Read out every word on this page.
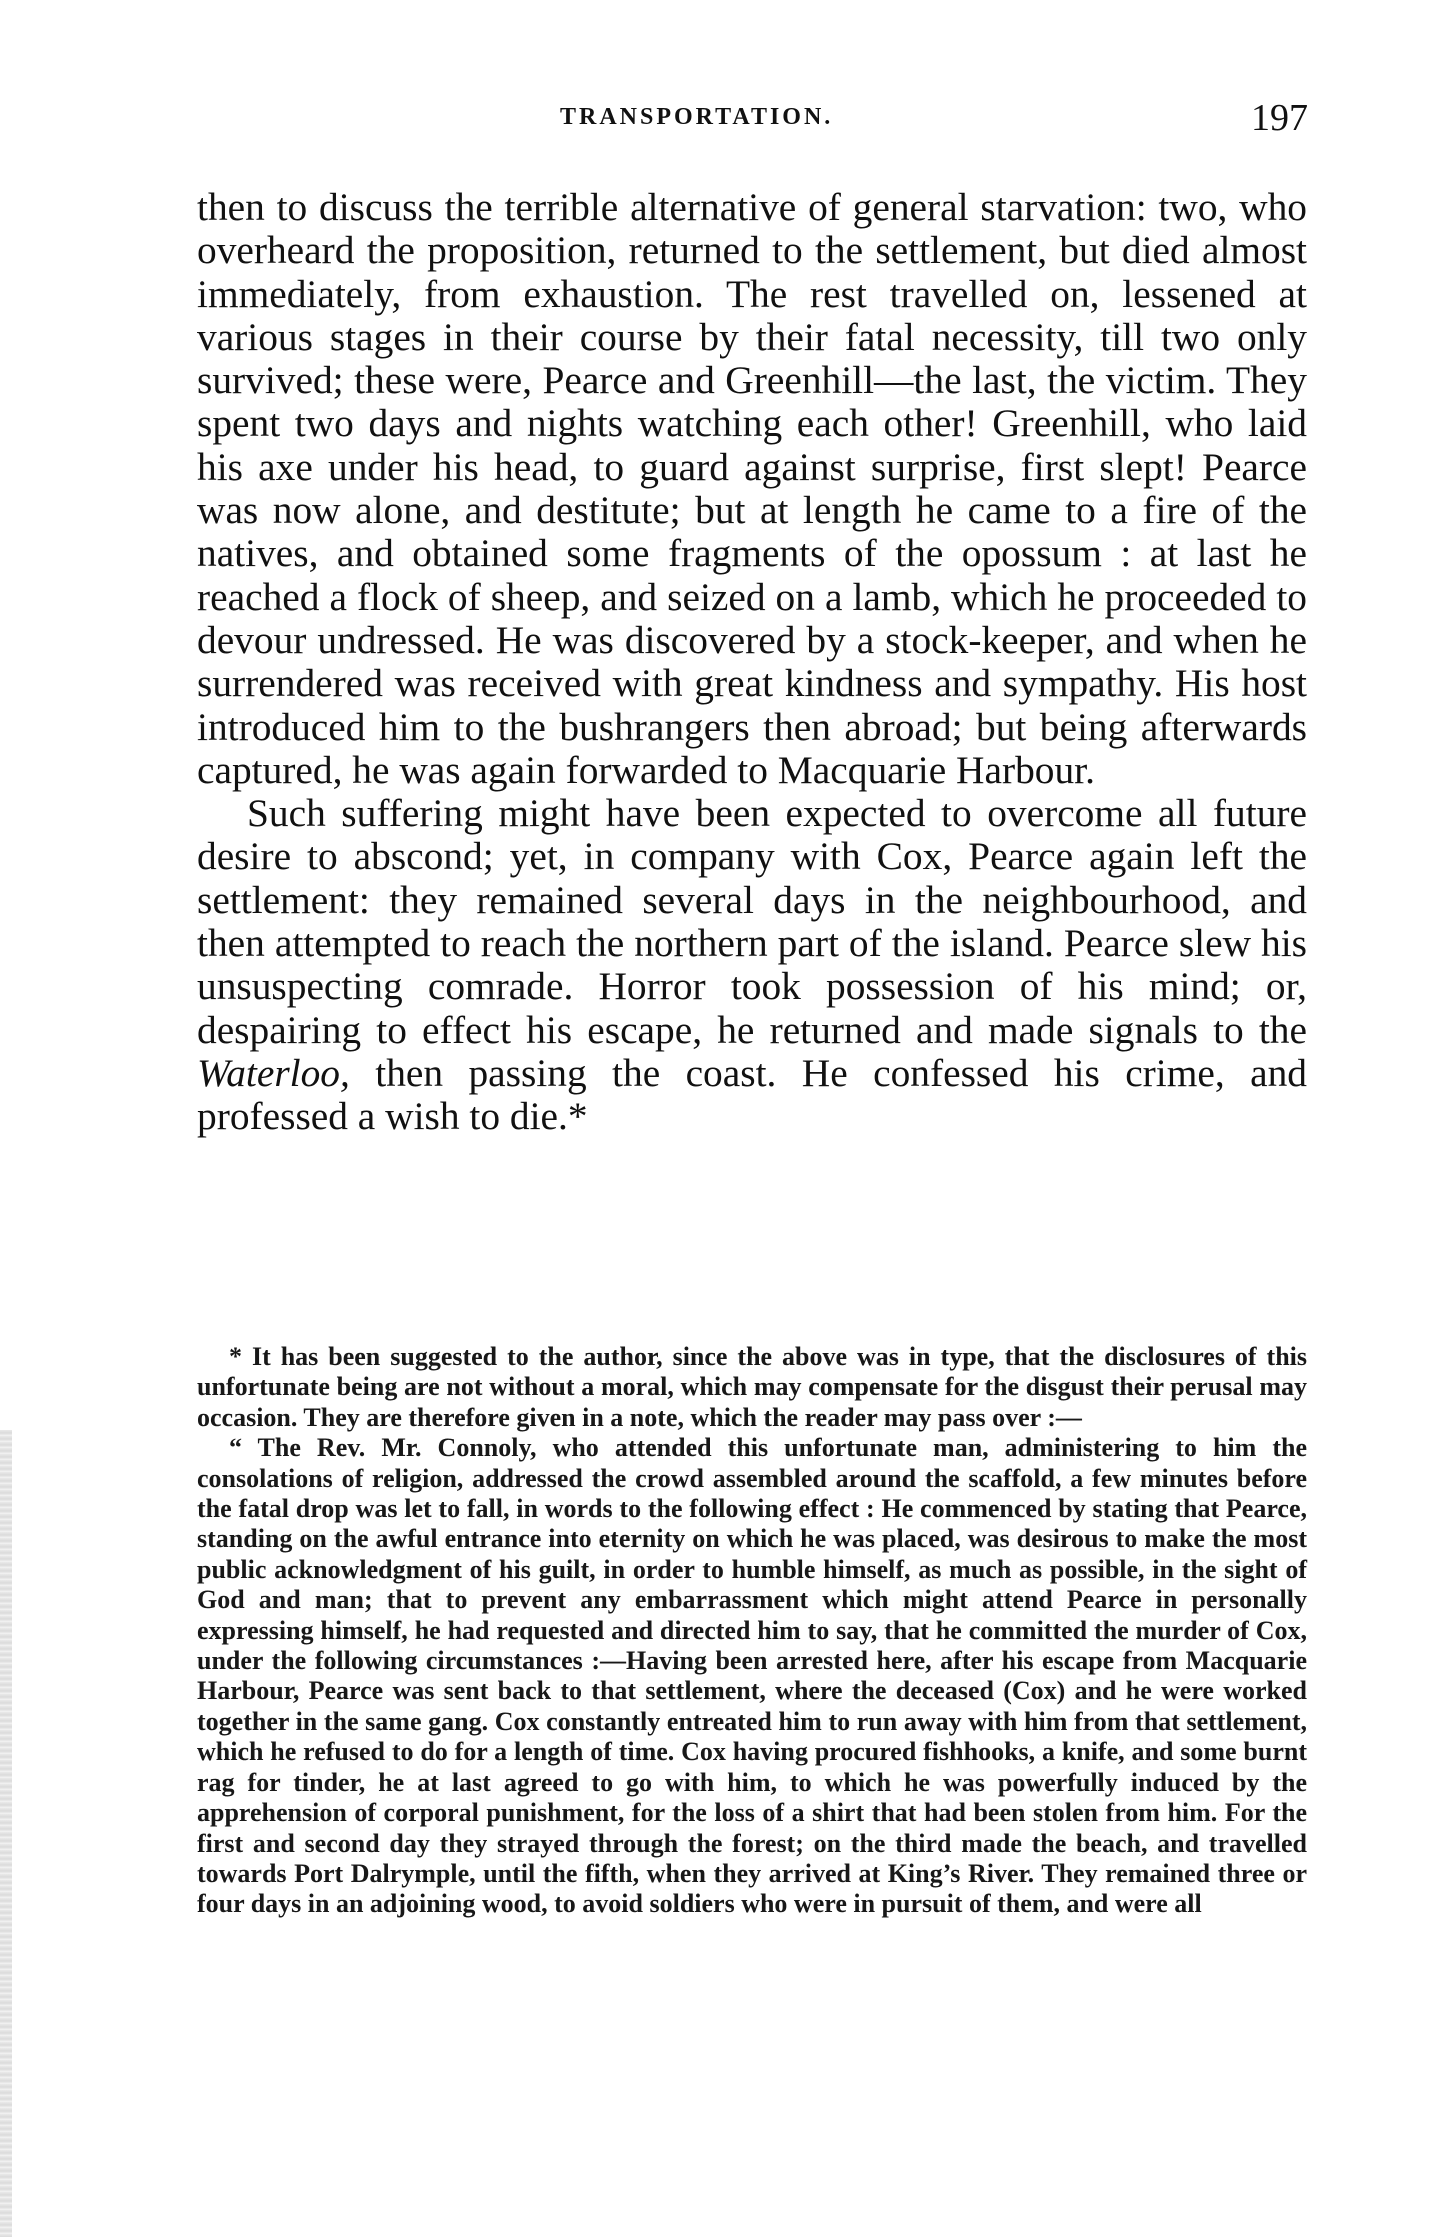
TRANSPORTATION.	197

then to discuss the terrible alternative of general starvation: two, who overheard the proposition, returned to the settlement, but died almost immediately, from exhaustion. The rest travelled on, lessened at various stages in their course by their fatal necessity, till two only survived; these were, Pearce and Greenhill—the last, the victim. They spent two days and nights watching each other! Greenhill, who laid his axe under his head, to guard against surprise, first slept! Pearce was now alone, and destitute; but at length he came to a fire of the natives, and obtained some fragments of the opossum : at last he reached a flock of sheep, and seized on a lamb, which he proceeded to devour undressed. He was discovered by a stock-keeper, and when he surrendered was received with great kindness and sympathy. His host introduced him to the bushrangers then abroad; but being afterwards captured, he was again forwarded to Macquarie Harbour.

Such suffering might have been expected to overcome all future desire to abscond; yet, in company with Cox, Pearce again left the settlement: they remained several days in the neighbourhood, and then attempted to reach the northern part of the island. Pearce slew his unsuspecting comrade. Horror took possession of his mind; or, despairing to effect his escape, he returned and made signals to the Waterloo, then passing the coast. He confessed his crime, and professed a wish to die.*

* It has been suggested to the author, since the above was in type, that the disclosures of this unfortunate being are not without a moral, which may compensate for the disgust their perusal may occasion. They are therefore given in a note, which the reader may pass over :—

“ The Rev. Mr. Connoly, who attended this unfortunate man, administering to him the consolations of religion, addressed the crowd assembled around the scaffold, a few minutes before the fatal drop was let to fall, in words to the following effect : He commenced by stating that Pearce, standing on the awful entrance into eternity on which he was placed, was desirous to make the most public acknowledgment of his guilt, in order to humble himself, as much as possible, in the sight of God and man; that to prevent any embarrassment which might attend Pearce in personally expressing himself, he had requested and directed him to say, that he committed the murder of Cox, under the following circumstances :—Having been arrested here, after his escape from Macquarie Harbour, Pearce was sent back to that settlement, where the deceased (Cox) and he were worked together in the same gang. Cox constantly entreated him to run away with him from that settlement, which he refused to do for a length of time. Cox having procured fishhooks, a knife, and some burnt rag for tinder, he at last agreed to go with him, to which he was powerfully induced by the apprehension of corporal punishment, for the loss of a shirt that had been stolen from him. For the first and second day they strayed through the forest; on the third made the beach, and travelled towards Port Dalrymple, until the fifth, when they arrived at King’s River. They remained three or four days in an adjoining wood, to avoid soldiers who were in pursuit of them, and were all
